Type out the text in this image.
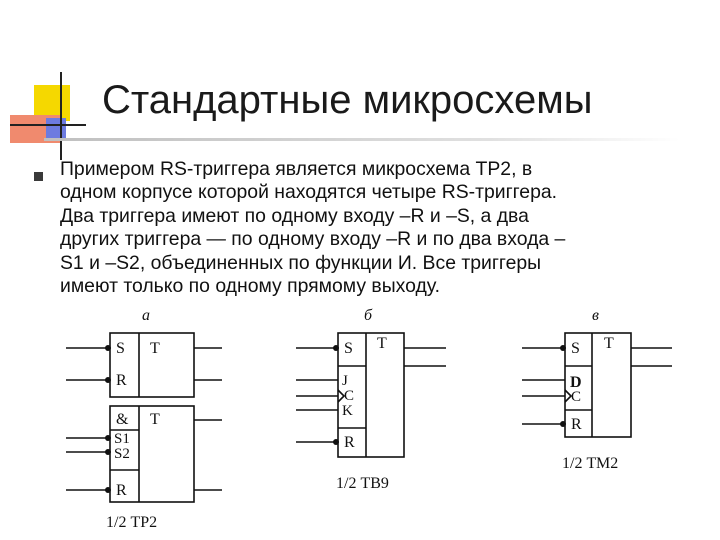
Стандартные микросхемы
Примером RS-триггера является микросхема ТР2, в
одном корпусе которой находятся четыре RS-триггера.
Два триггера имеют по одному входу –R и –S, а два
других триггера — по одному входу –R и по два входа –
S1 и –S2, объединенных по функции И. Все триггеры
имеют только по одному прямому выходу.
а
S T
R
& T
S1
S2
R
1/2 ТР2
б
S T
J
C
K
R
1/2 ТВ9
в
S T
D
C
R
1/2 ТМ2
